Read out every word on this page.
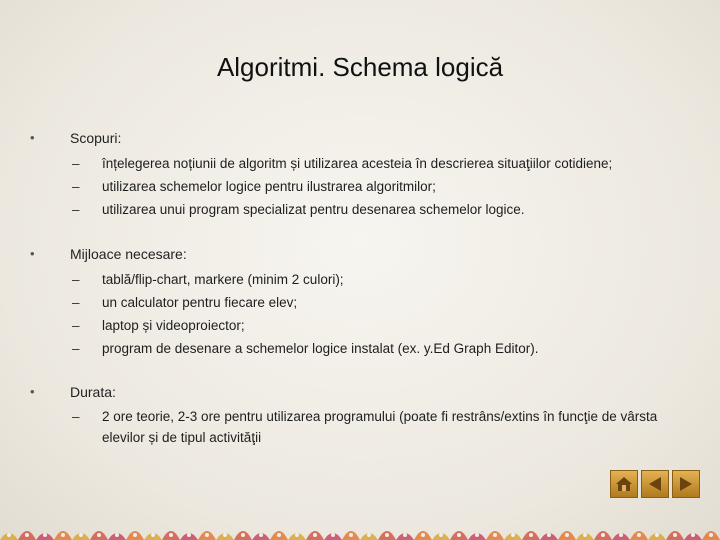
Algoritmi. Schema logică
•	Scopuri:
– înțelegerea noțiunii de algoritm și utilizarea acesteia în descrierea situaţiilor cotidiene;
– utilizarea schemelor logice pentru ilustrarea algoritmilor;
– utilizarea unui program specializat pentru desenarea schemelor logice.
•	Mijloace necesare:
– tablă/flip-chart, markere (minim 2 culori);
– un calculator pentru fiecare elev;
– laptop și videoproiector;
– program de desenare a schemelor logice instalat (ex. y.Ed Graph Editor).
•	Durata:
– 2 ore teorie, 2-3 ore pentru utilizarea programului (poate fi restrâns/extins în funcţie de vârsta elevilor și de tipul activităţii
